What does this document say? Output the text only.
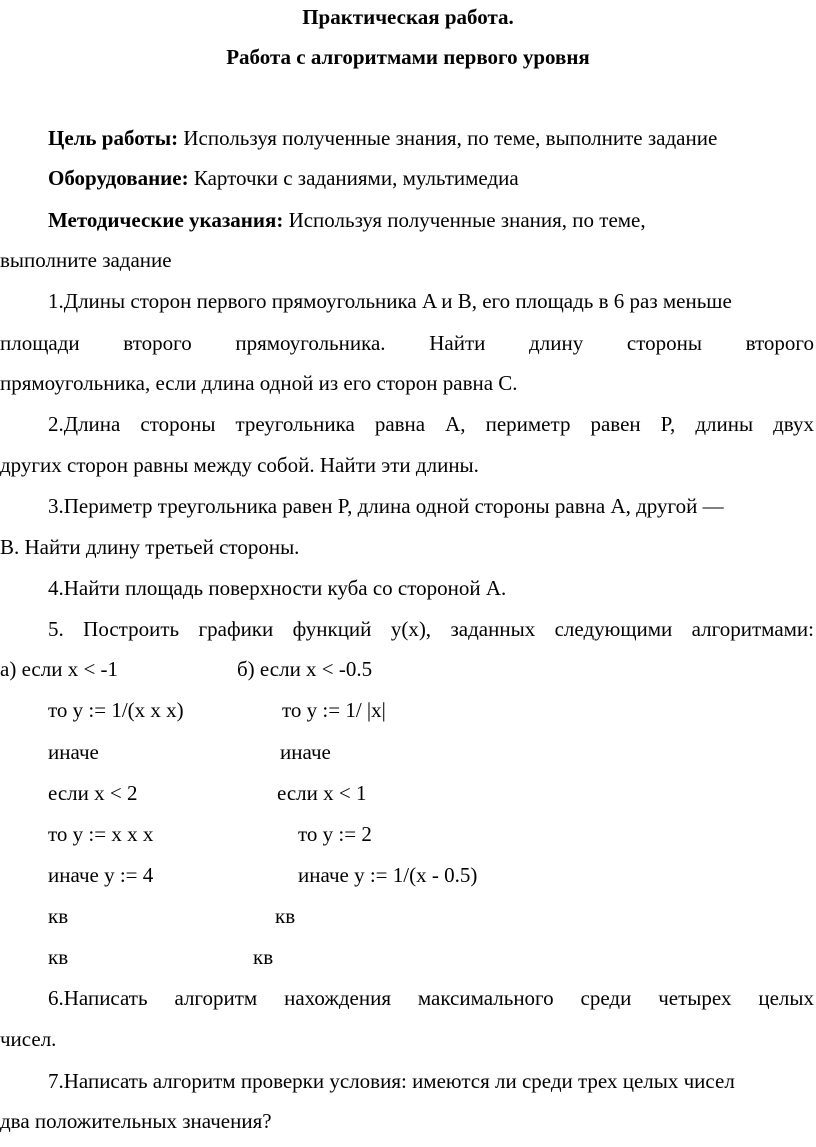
Практическая работа.
Работа с алгоритмами первого уровня
Цель работы: Используя полученные знания, по теме, выполните задание
Оборудование: Карточки с заданиями, мультимедиа
Методические указания: Используя полученные знания, по теме,
выполните задание
1.Длины сторон первого прямоугольника A и B, его площадь в 6 раз меньше
площади второго прямоугольника. Найти длину стороны второго
прямоугольника, если длина одной из его сторон равна C.
2.Длина стороны треугольника равна A, периметр равен P, длины двух
других сторон равны между собой. Найти эти длины.
3.Периметр треугольника равен P, длина одной стороны равна A, другой —
B. Найти длину третьей стороны.
4.Найти площадь поверхности куба со стороной A.
5. Построить графики функций y(x), заданных следующими алгоритмами:
а) если x < -1	б) если x < -0.5
то y := 1/(x x x)	то y := 1/ |x|
иначе	иначе
если x < 2	если x < 1
то y := x x x	то y := 2
иначе y := 4	иначе y := 1/(x - 0.5)
кв	кв
кв	кв
6.Написать алгоритм нахождения максимального среди четырех целых
чисел.
7.Написать алгоритм проверки условия: имеются ли среди трех целых чисел
два положительных значения?
